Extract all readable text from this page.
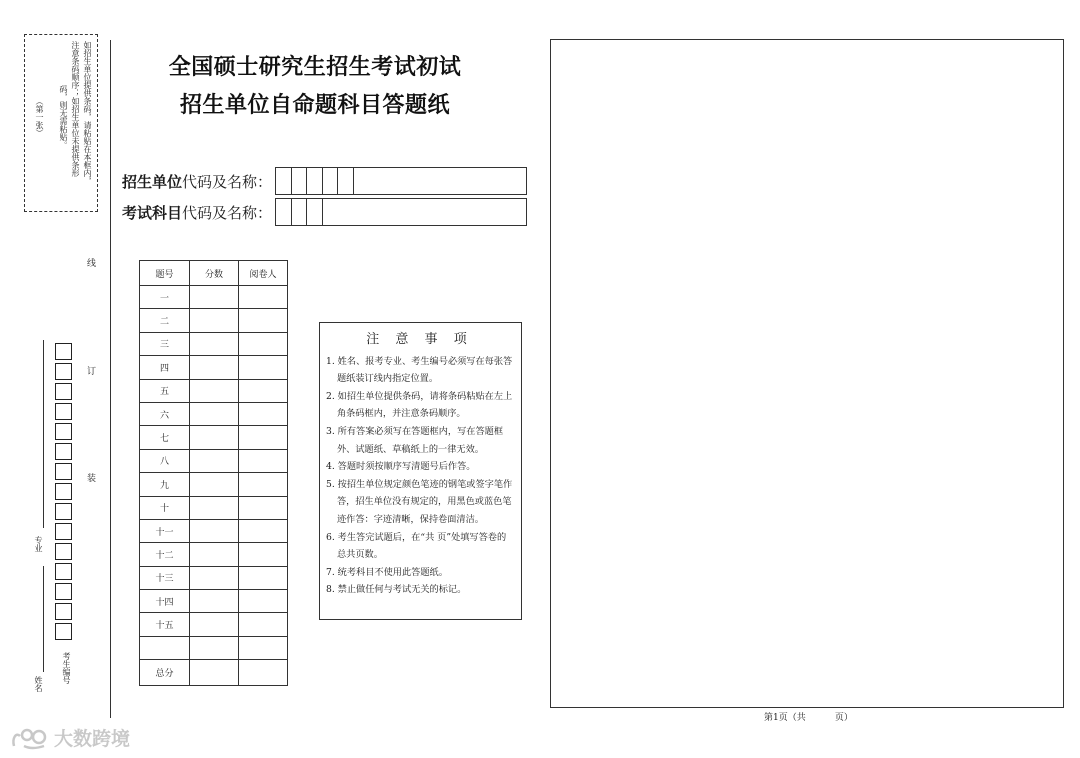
如招生单位提供条码，请粘贴在本框内，
注意条码顺序；如招生单位未提供条形
码，则无需粘贴。
（第一张）
线
订
装
专业
姓名 考生编号
全国硕士研究生招生考试初试
招生单位自命题科目答题纸
招生单位代码及名称：
考试科目代码及名称：
题号	分数	阅卷人
一		
二		
三		
四		
五		
六		
七		
八		
九		
十		
十一		
十二		
十三		
十四		
十五		

总分		
注 意 事 项
1. 姓名、报考专业、考生编号必须写在每张答题纸装订线内指定位置。
2. 如招生单位提供条码，请将条码粘贴在左上角条码框内，并注意条码顺序。
3. 所有答案必须写在答题框内，写在答题框外、试题纸、草稿纸上的一律无效。
4. 答题时须按顺序写清题号后作答。
5. 按招生单位规定颜色笔迹的钢笔或签字笔作答，招生单位没有规定的，用黑色或蓝色笔迹作答：字迹清晰，保持卷面清洁。
6. 考生答完试题后，在“共 页”处填写答卷的总共页数。
7. 统考科目不使用此答题纸。
8. 禁止做任何与考试无关的标记。
第1页（共      页）
大数跨境
